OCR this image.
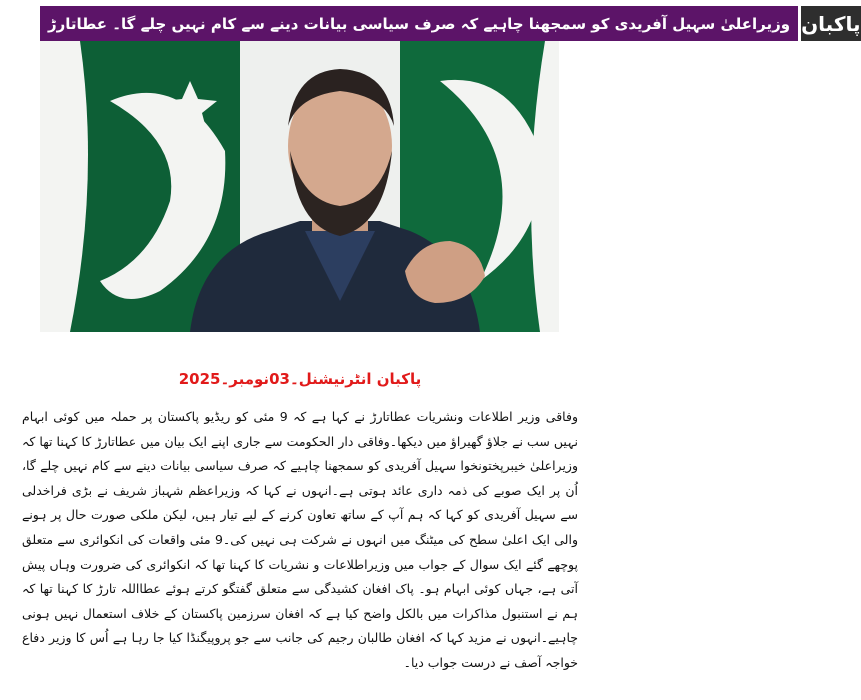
وزیراعلیٰ سہیل آفریدی کو سمجھنا چاہیے کہ صرف سیاسی بیانات دینے سے کام نہیں چلے گا۔ عطاتارڑ پاکبان
پاکبان انٹرنیشنل۔03نومبر۔2025

وفاقی وزیر اطلاعات ونشریات عطاتارڑ نے کہا ہے کہ 9 مئی کو ریڈیو پاکستان پر حملہ میں کوئی ابہام نہیں سب نے جلاؤ گھیراؤ میں دیکھا۔وفاقی دار الحکومت سے جاری اپنے ایک بیان میں عطاتارڑ کا کہنا تھا کہ وزیراعلیٰ خیبرپختونخوا سہیل آفریدی کو سمجھنا چاہیے کہ صرف سیاسی بیانات دینے سے کام نہیں چلے گا، اُن پر ایک صوبے کی ذمہ داری عائد ہوتی ہے۔انہوں نے کہا کہ وزیراعظم شہباز شریف نے بڑی فراخدلی سے سہیل آفریدی کو کہا کہ ہم آپ کے ساتھ تعاون کرنے کے لیے تیار ہیں، لیکن ملکی صورت حال پر ہونے والی ایک اعلیٰ سطح کی میٹنگ میں انہوں نے شرکت ہی نہیں کی۔9 مئی واقعات کی انکوائری سے متعلق پوچھے گئے ایک سوال کے جواب میں وزیراطلاعات و نشریات کا کہنا تھا کہ انکوائری کی ضرورت وہاں پیش آتی ہے، جہاں کوئی ابہام ہو۔ پاک افغان کشیدگی سے متعلق گفتگو کرتے ہوئے عطااللہ تارڑ کا کہنا تھا کہ ہم نے استنبول مذاکرات میں بالکل واضح کیا ہے کہ افغان سرزمین پاکستان کے خلاف استعمال نہیں ہونی چاہیے۔انہوں نے مزید کہا کہ افغان طالبان رجیم کی جانب سے جو پروپیگنڈا کیا جا رہا ہے اُس کا وزیر دفاع خواجہ آصف نے درست جواب دیا۔
